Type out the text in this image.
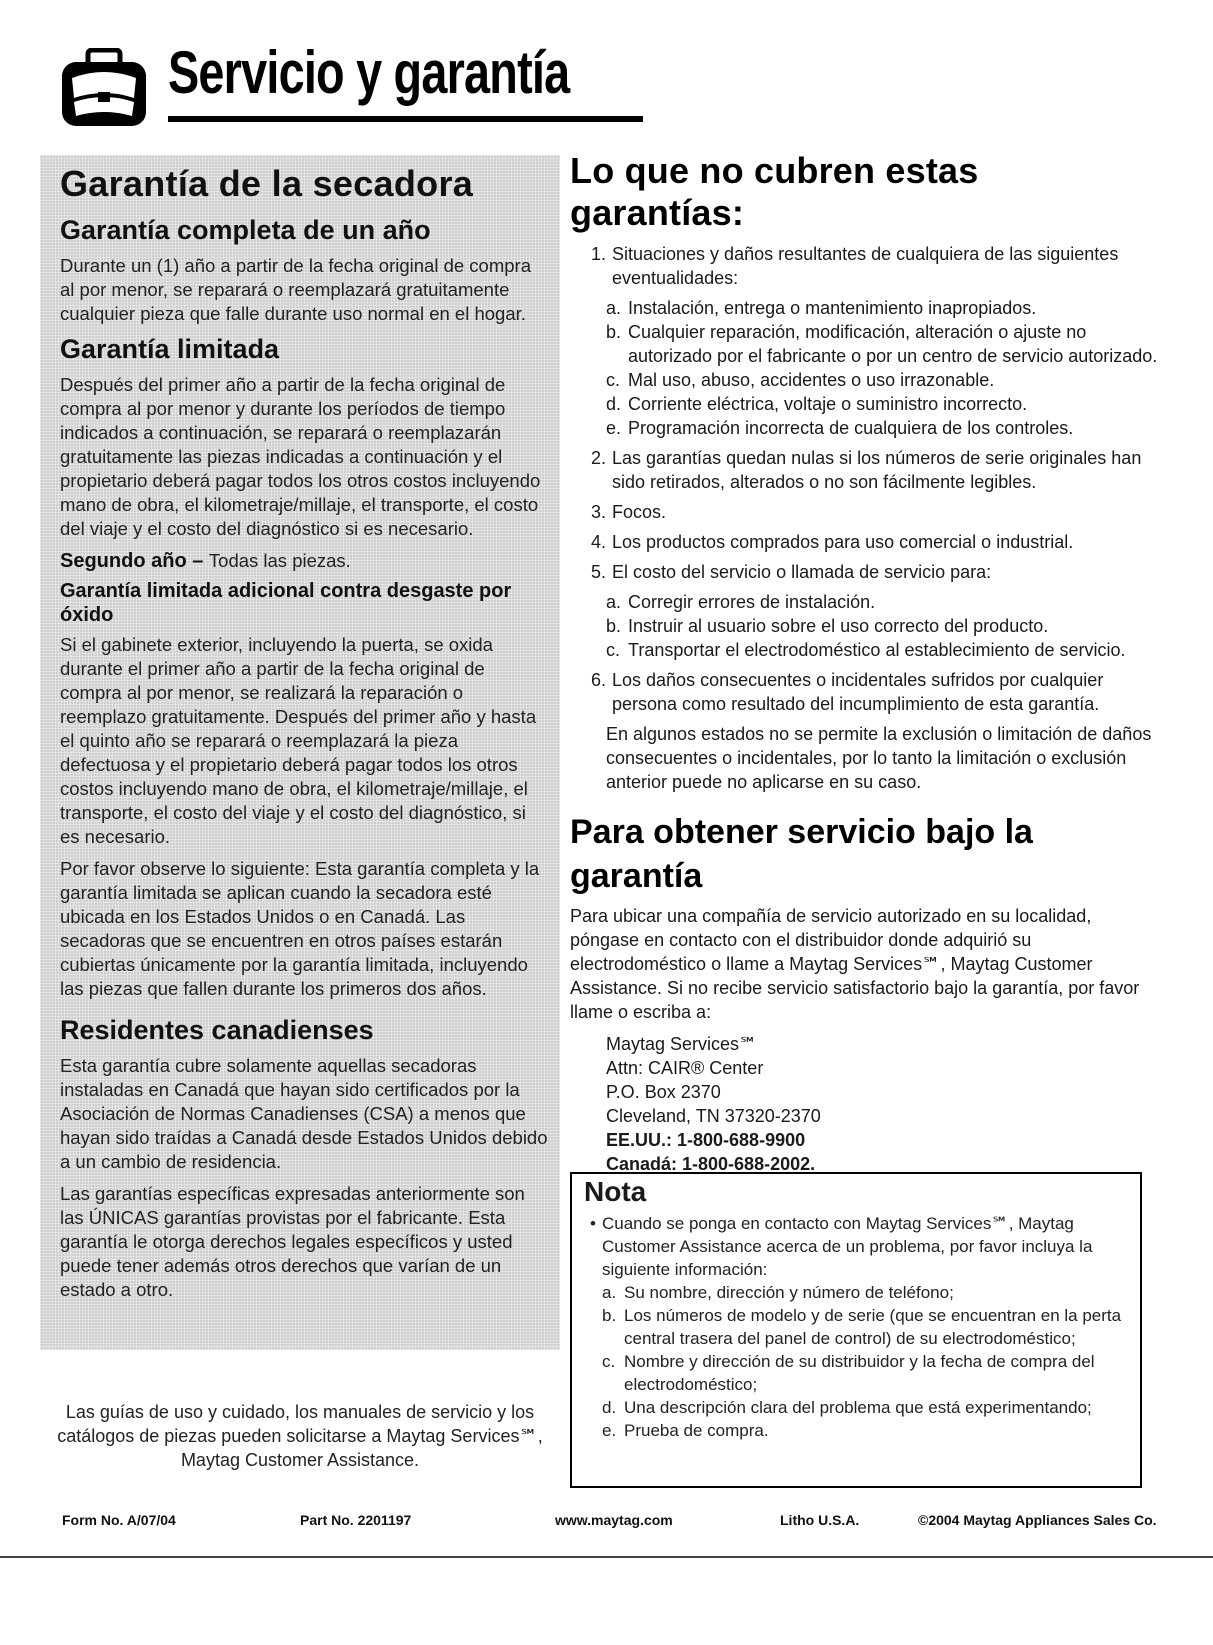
Servicio y garantía
Garantía de la secadora
Garantía completa de un año

Durante un (1) año a partir de la fecha original de compra al por menor, se reparará o reemplazará gratuitamente cualquier pieza que falle durante uso normal en el hogar.

Garantía limitada

Después del primer año a partir de la fecha original de compra al por menor y durante los períodos de tiempo indicados a continuación, se reparará o reemplazarán gratuitamente las piezas indicadas a continuación y el propietario deberá pagar todos los otros costos incluyendo mano de obra, el kilometraje/millaje, el transporte, el costo del viaje y el costo del diagnóstico si es necesario.

Segundo año – Todas las piezas.
Garantía limitada adicional contra desgaste por óxido

Si el gabinete exterior, incluyendo la puerta, se oxida durante el primer año a partir de la fecha original de compra al por menor, se realizará la reparación o reemplazo gratuitamente. Después del primer año y hasta el quinto año se reparará o reemplazará la pieza defectuosa y el propietario deberá pagar todos los otros costos incluyendo mano de obra, el kilometraje/millaje, el transporte, el costo del viaje y el costo del diagnóstico, si es necesario.

Por favor observe lo siguiente: Esta garantía completa y la garantía limitada se aplican cuando la secadora esté ubicada en los Estados Unidos o en Canadá. Las secadoras que se encuentren en otros países estarán cubiertas únicamente por la garantía limitada, incluyendo las piezas que fallen durante los primeros dos años.

Residentes canadienses

Esta garantía cubre solamente aquellas secadoras instaladas en Canadá que hayan sido certificados por la Asociación de Normas Canadienses (CSA) a menos que hayan sido traídas a Canadá desde Estados Unidos debido a un cambio de residencia.

Las garantías específicas expresadas anteriormente son las ÚNICAS garantías provistas por el fabricante. Esta garantía le otorga derechos legales específicos y usted puede tener además otros derechos que varían de un estado a otro.

Las guías de uso y cuidado, los manuales de servicio y los
catálogos de piezas pueden solicitarse a Maytag Services℠,
Maytag Customer Assistance.
Lo que no cubren estas garantías:
1. Situaciones y daños resultantes de cualquiera de las siguientes eventualidades:
a. Instalación, entrega o mantenimiento inapropiados.
b. Cualquier reparación, modificación, alteración o ajuste no autorizado por el fabricante o por un centro de servicio autorizado.
c. Mal uso, abuso, accidentes o uso irrazonable.
d. Corriente eléctrica, voltaje o suministro incorrecto.
e. Programación incorrecta de cualquiera de los controles.
2. Las garantías quedan nulas si los números de serie originales han sido retirados, alterados o no son fácilmente legibles.
3. Focos.
4. Los productos comprados para uso comercial o industrial.
5. El costo del servicio o llamada de servicio para:
a. Corregir errores de instalación.
b. Instruir al usuario sobre el uso correcto del producto.
c. Transportar el electrodoméstico al establecimiento de servicio.
6. Los daños consecuentes o incidentales sufridos por cualquier persona como resultado del incumplimiento de esta garantía.

En algunos estados no se permite la exclusión o limitación de daños consecuentes o incidentales, por lo tanto la limitación o exclusión anterior puede no aplicarse en su caso.

Para obtener servicio bajo la garantía

Para ubicar una compañía de servicio autorizado en su localidad, póngase en contacto con el distribuidor donde adquirió su electrodoméstico o llame a Maytag Services℠, Maytag Customer Assistance. Si no recibe servicio satisfactorio bajo la garantía, por favor llame o escriba a:

Maytag Services℠
Attn: CAIR® Center
P.O. Box 2370
Cleveland, TN 37320-2370
EE.UU.: 1-800-688-9900
Canadá: 1-800-688-2002.
Nota
• Cuando se ponga en contacto con Maytag Services℠, Maytag Customer Assistance acerca de un problema, por favor incluya la siguiente información:
a. Su nombre, dirección y número de teléfono;
b. Los números de modelo y de serie (que se encuentran en la perta central trasera del panel de control) de su electrodoméstico;
c. Nombre y dirección de su distribuidor y la fecha de compra del electrodoméstico;
d. Una descripción clara del problema que está experimentando;
e. Prueba de compra.
Form No. A/07/04	Part No. 2201197	www.maytag.com	Litho U.S.A.	©2004 Maytag Appliances Sales Co.
